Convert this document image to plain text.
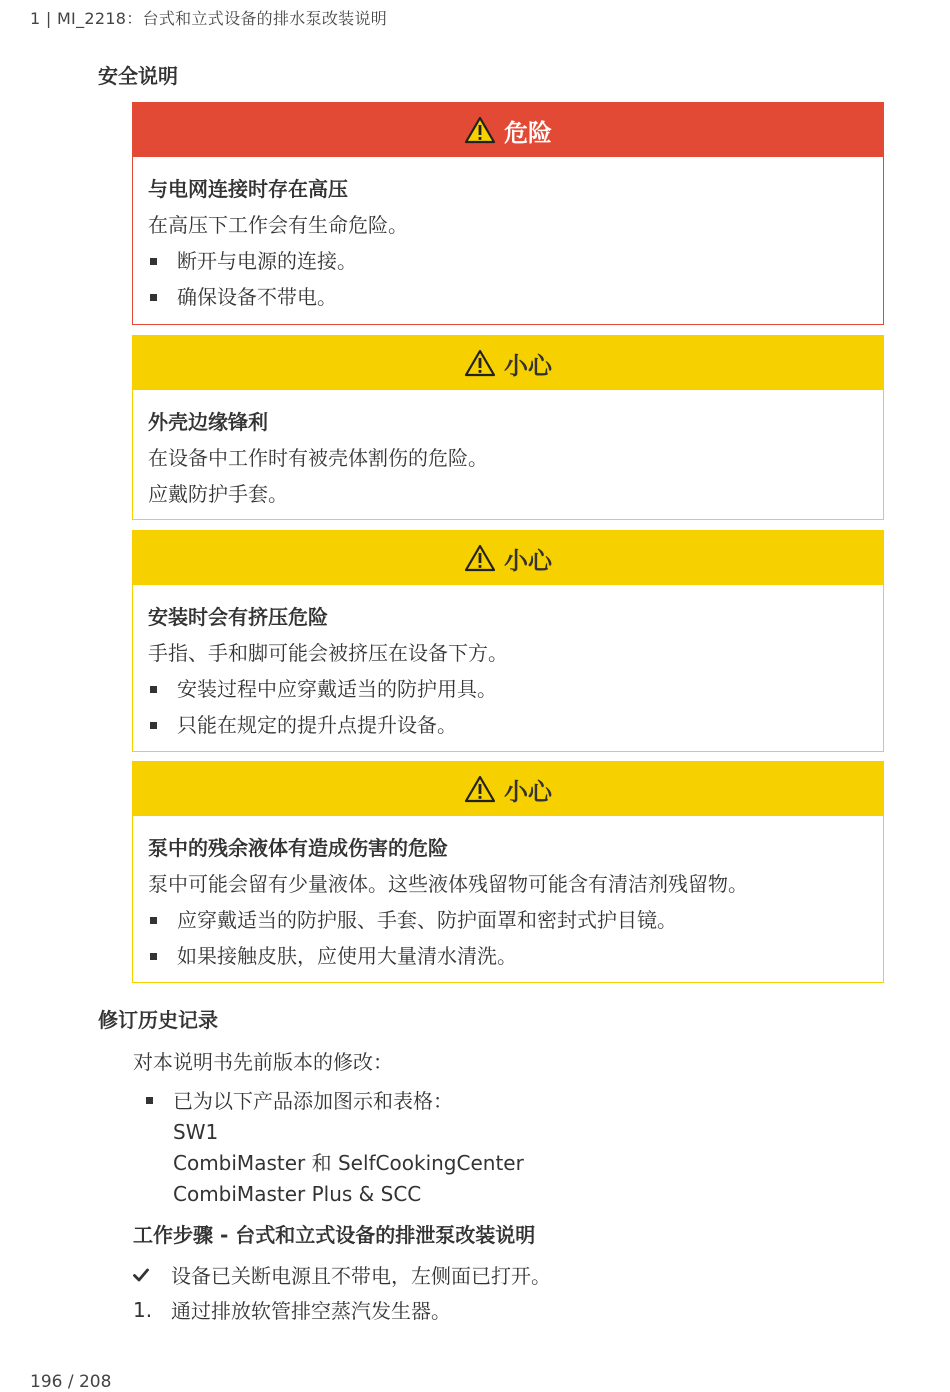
1 | MI_2218：台式和立式设备的排水泵改装说明
安全说明
危险
与电网连接时存在高压
在高压下工作会有生命危险。
断开与电源的连接。
确保设备不带电。
小心
外壳边缘锋利
在设备中工作时有被壳体割伤的危险。
应戴防护手套。
小心
安装时会有挤压危险
手指、手和脚可能会被挤压在设备下方。
安装过程中应穿戴适当的防护用具。
只能在规定的提升点提升设备。
小心
泵中的残余液体有造成伤害的危险
泵中可能会留有少量液体。这些液体残留物可能含有清洁剂残留物。
应穿戴适当的防护服、手套、防护面罩和密封式护目镜。
如果接触皮肤，应使用大量清水清洗。
修订历史记录
对本说明书先前版本的修改：
已为以下产品添加图示和表格：
SW1
CombiMaster 和 SelfCookingCenter
CombiMaster Plus & SCC
工作步骤 - 台式和立式设备的排泄泵改装说明
设备已关断电源且不带电，左侧面已打开。
1. 通过排放软管排空蒸汽发生器。
196 / 208
